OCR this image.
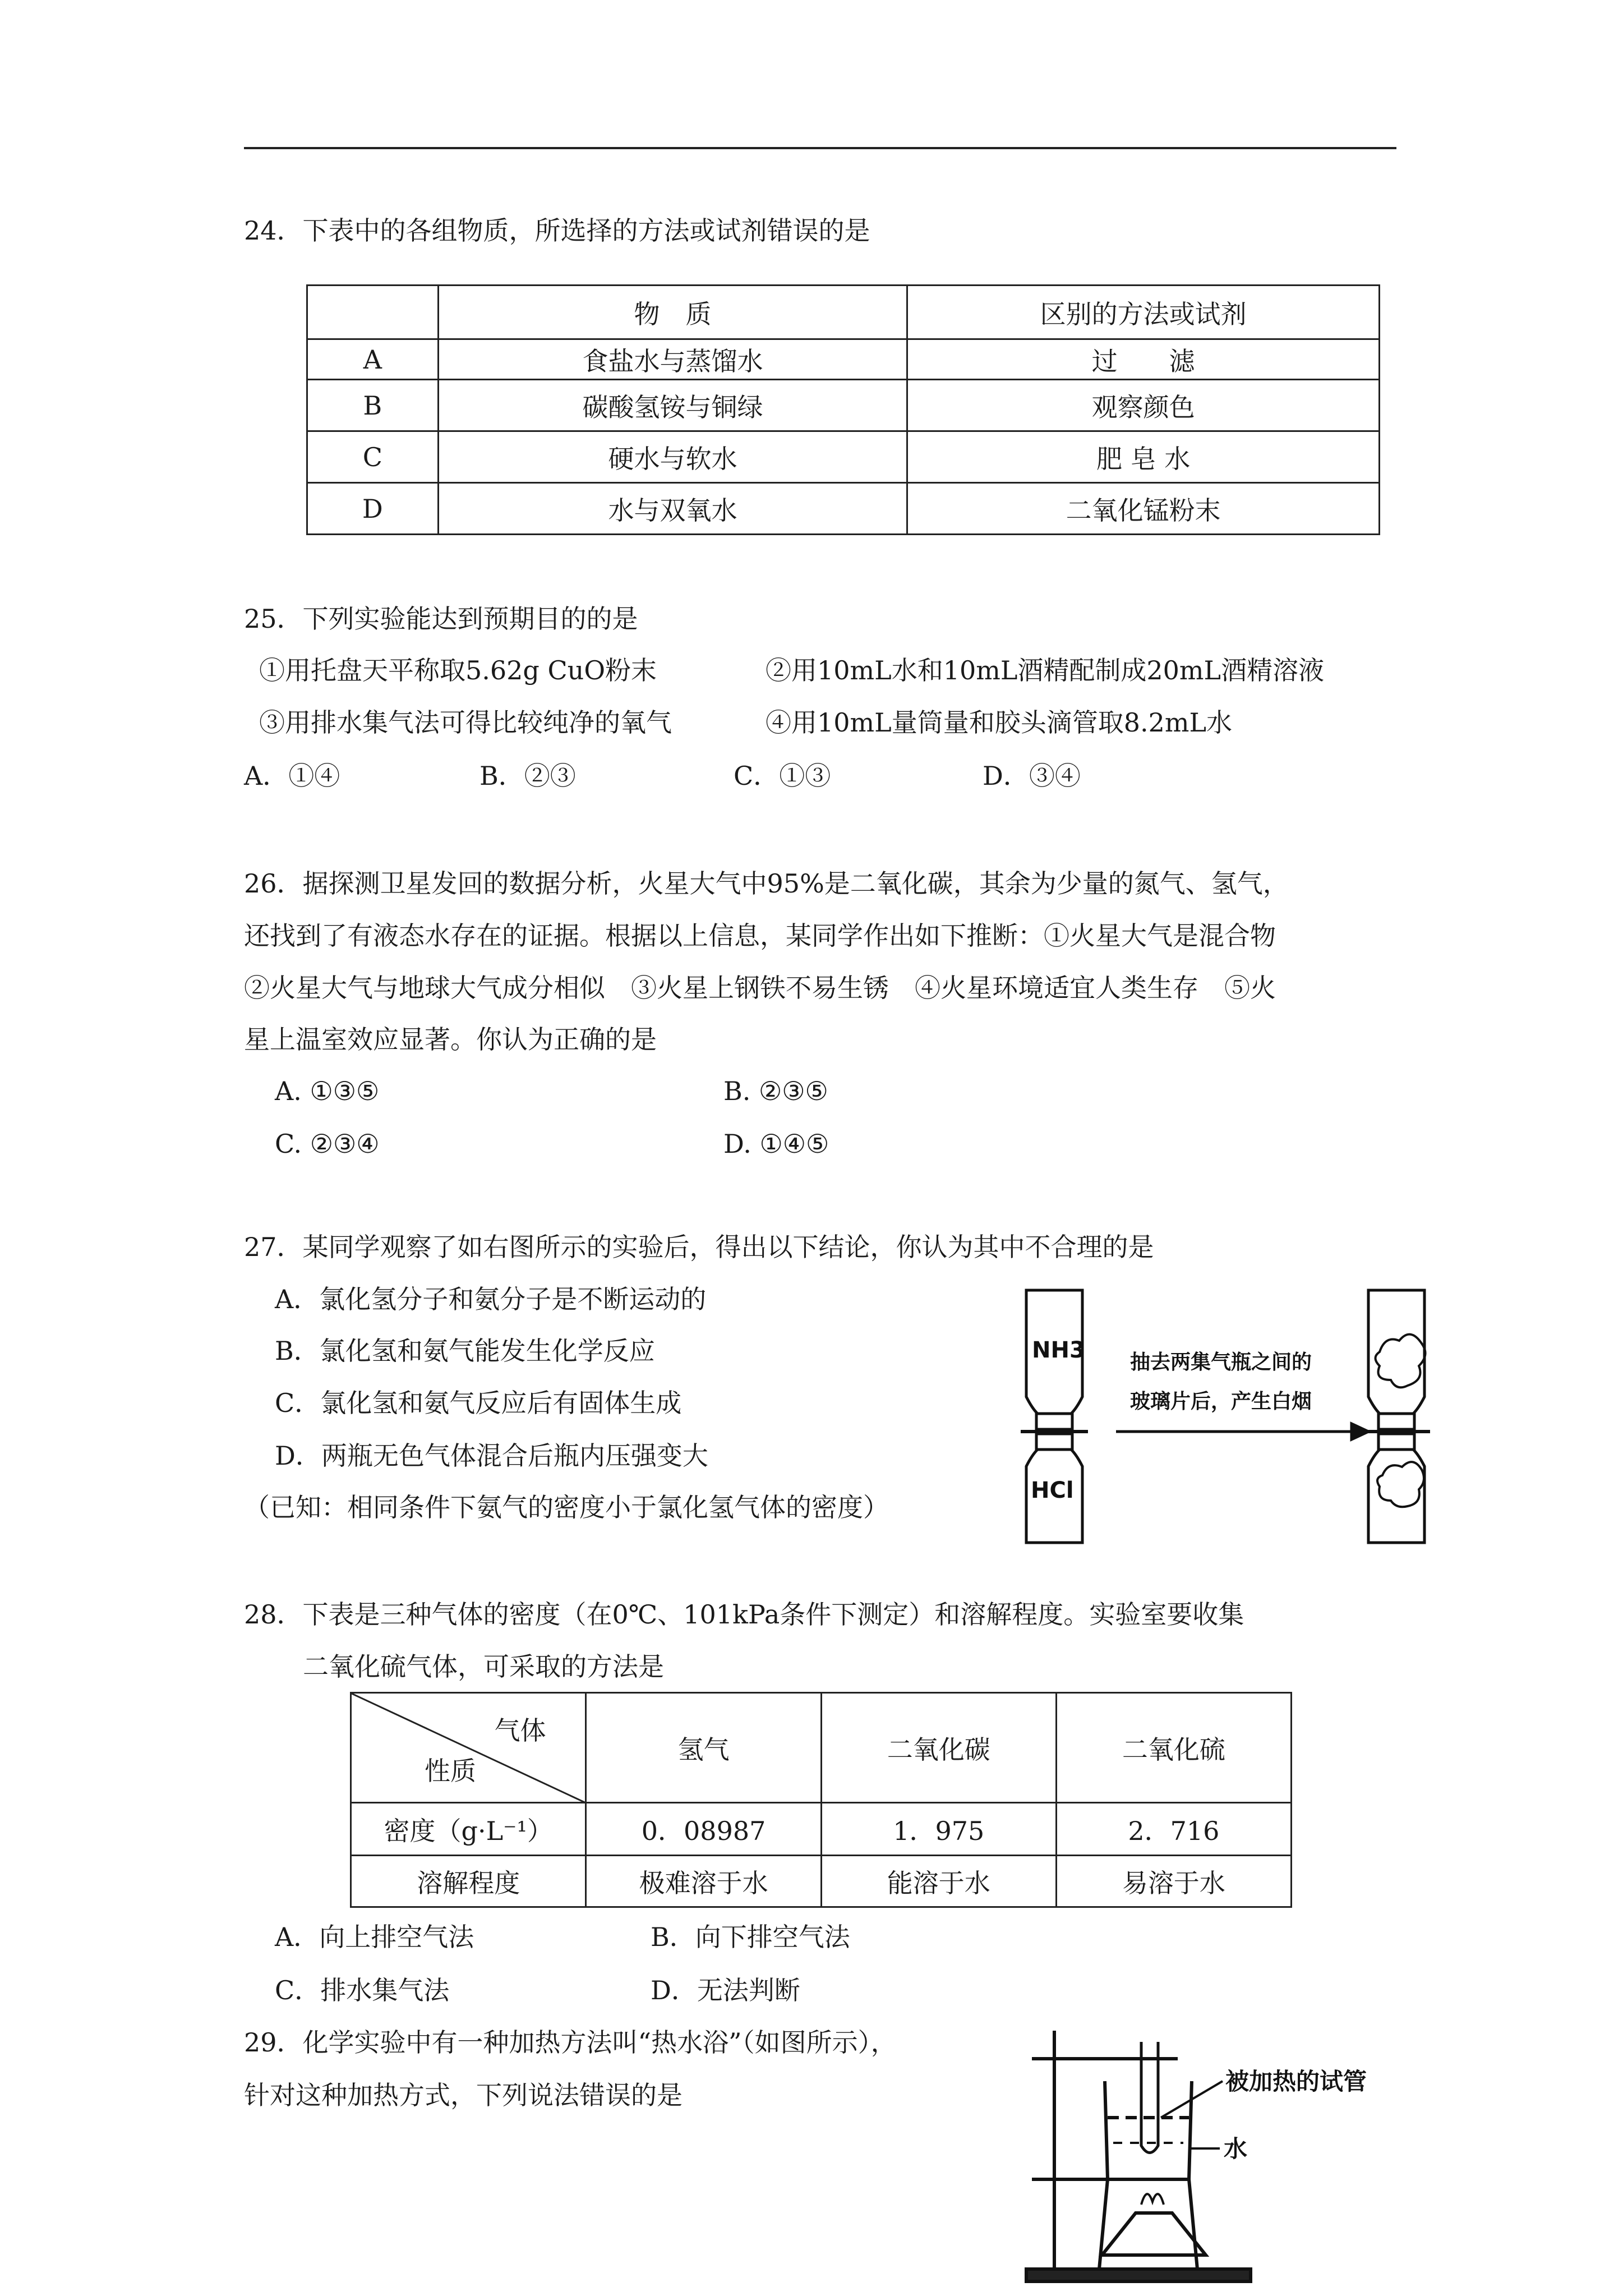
24．下表中的各组物质，所选择的方法或试剂错误的是
	物　质	区别的方法或试剂
A	食盐水与蒸馏水	过　　滤
B	碳酸氢铵与铜绿	观察颜色
C	硬水与软水	肥 皂 水
D	水与双氧水	二氧化锰粉末
25．下列实验能达到预期目的的是
①用托盘天平称取5.62g CuO粉末	②用10mL水和10mL酒精配制成20mL酒精溶液
③用排水集气法可得比较纯净的氧气	④用10mL量筒量和胶头滴管取8.2mL水
A．①④	B．②③	C．①③	D．③④
26．据探测卫星发回的数据分析，火星大气中95%是二氧化碳，其余为少量的氮气、氢气，
还找到了有液态水存在的证据。根据以上信息，某同学作出如下推断：①火星大气是混合物
②火星大气与地球大气成分相似　③火星上钢铁不易生锈　④火星环境适宜人类生存　⑤火
星上温室效应显著。你认为正确的是
A. ①③⑤	B. ②③⑤
C. ②③④	D. ①④⑤
27．某同学观察了如右图所示的实验后，得出以下结论，你认为其中不合理的是
A．氯化氢分子和氨分子是不断运动的
B．氯化氢和氨气能发生化学反应
C．氯化氢和氨气反应后有固体生成
D．两瓶无色气体混合后瓶内压强变大
（已知：相同条件下氨气的密度小于氯化氢气体的密度）
NH3
HCl
抽去两集气瓶之间的
玻璃片后，产生白烟
28．下表是三种气体的密度（在0℃、101kPa条件下测定）和溶解程度。实验室要收集
二氧化硫气体，可采取的方法是
气体
性质	氢气	二氧化碳	二氧化硫
密度（g·L⁻¹）	0．08987	1．975	2．716
溶解程度	极难溶于水	能溶于水	易溶于水
A．向上排空气法	B．向下排空气法
C．排水集气法	D．无法判断
29．化学实验中有一种加热方法叫“热水浴”（如图所示），
针对这种加热方式，下列说法错误的是	被加热的试管
水
